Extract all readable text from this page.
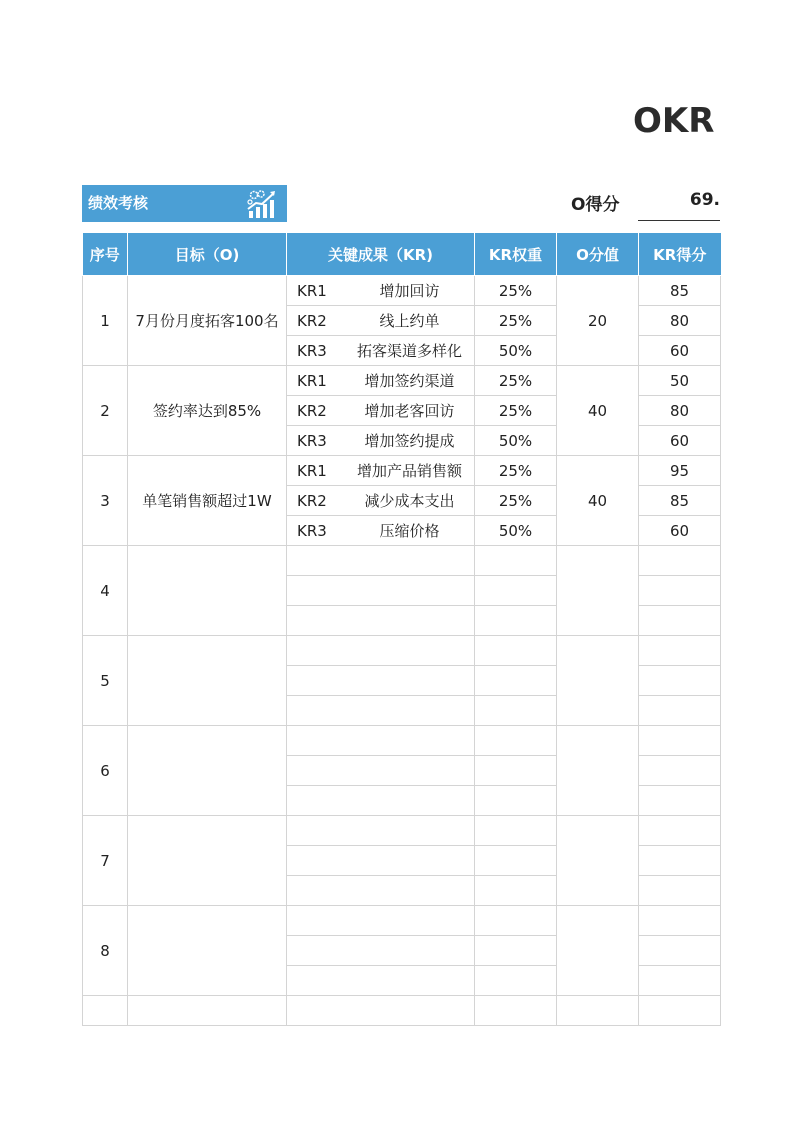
OKR
绩效考核	O得分	69.
序号	目标（O)	关键成果（KR)	KR权重	O分值	KR得分
1	7月份月度拓客100名	KR1 增加回访	25%	20	85
		KR2 线上约单	25%		80
		KR3 拓客渠道多样化	50%		60
2	签约率达到85%	KR1 增加签约渠道	25%	40	50
		KR2 增加老客回访	25%		80
		KR3 增加签约提成	50%		60
3	单笔销售额超过1W	KR1 增加产品销售额	25%	40	95
		KR2 减少成本支出	25%		85
		KR3 压缩价格	50%		60
4					

5					

6					

7					

8					
